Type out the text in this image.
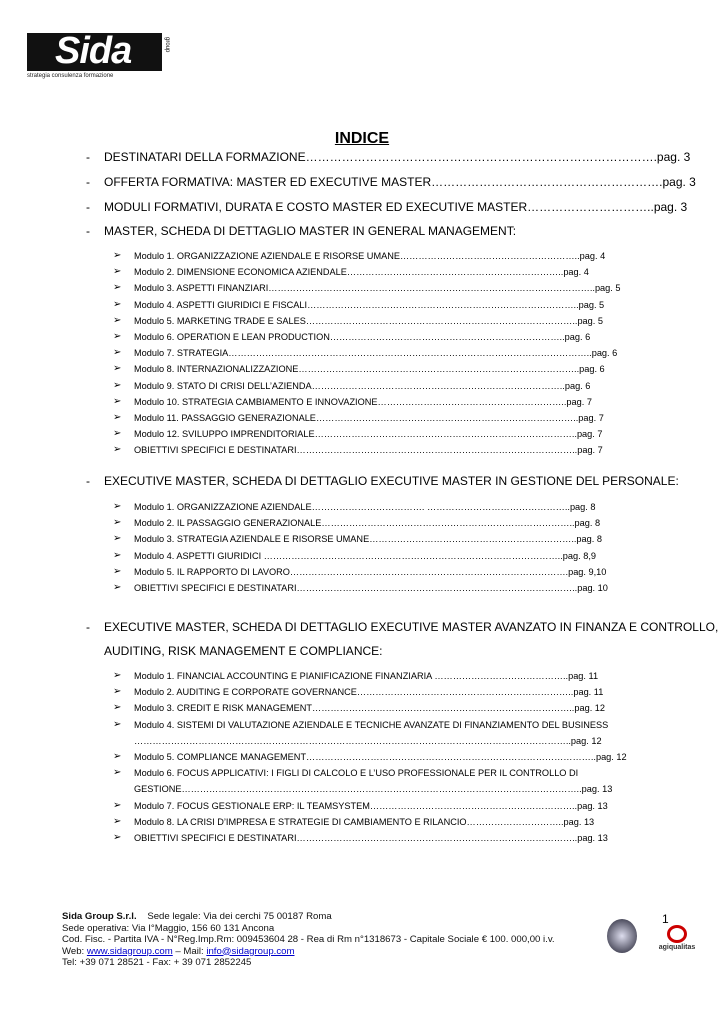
Sida	group
strategia consulenza formazione
INDICE
- DESTINATARI DELLA FORMAZIONE…………………………………………………………………………….pag. 3
- OFFERTA FORMATIVA: MASTER ED EXECUTIVE MASTER………………………………………………….pag. 3
- MODULI FORMATIVI, DURATA E COSTO MASTER ED EXECUTIVE MASTER…………………………..pag. 3
- MASTER, SCHEDA DI DETTAGLIO MASTER IN GENERAL MANAGEMENT:
➢ Modulo 1. ORGANIZZAZIONE AZIENDALE E RISORSE UMANE…………………………………………………..pag. 4
➢ Modulo 2. DIMENSIONE ECONOMICA AZIENDALE……………………………………………………………..pag. 4
➢ Modulo 3. ASPETTI FINANZIARI……………………………………………………………………………………………..pag. 5
➢ Modulo 4. ASPETTI GIURIDICI E FISCALI……………………………………………………………………………..pag. 5
➢ Modulo 5. MARKETING TRADE E SALES……………………………………………………………………………..pag. 5
➢ Modulo 6. OPERATION E LEAN PRODUCTION…………………………………………………………………..pag. 6
➢ Modulo 7. STRATEGIA………………………………………………………………………………………………………..pag. 6
➢ Modulo 8. INTERNAZIONALIZZAZIONE………………………………………………………………………………..pag. 6
➢ Modulo 9. STATO DI CRISI DELL’AZIENDA………………………………………………………………………..pag. 6
➢ Modulo 10. STRATEGIA CAMBIAMENTO E INNOVAZIONE……………………………………………………..pag. 7
➢ Modulo 11. PASSAGGIO GENERAZIONALE…………………………………………………………………………..pag. 7
➢ Modulo 12. SVILUPPO IMPRENDITORIALE…………………………………………………………………………..pag. 7
➢ OBIETTIVI SPECIFICI E DESTINATARI………………………………………………………………………………..pag. 7
- EXECUTIVE MASTER, SCHEDA DI DETTAGLIO EXECUTIVE MASTER IN GESTIONE DEL PERSONALE:
➢ Modulo 1. ORGANIZZAZIONE AZIENDALE………………………………. ………………………………………..pag. 8
➢ Modulo 2. IL PASSAGGIO GENERAZIONALE………………………………………………………………………..pag. 8
➢ Modulo 3. STRATEGIA AZIENDALE E RISORSE UMANE…………………………………………………………..pag. 8
➢ Modulo 4. ASPETTI GIURIDICI ……………………………………………………………………………………..pag. 8,9
➢ Modulo 5. IL RAPPORTO DI LAVORO……………………………………………………………………………….pag. 9,10
➢ OBIETTIVI SPECIFICI E DESTINATARI………………………………………………………………………………..pag. 10
- EXECUTIVE MASTER, SCHEDA DI DETTAGLIO EXECUTIVE MASTER AVANZATO IN FINANZA E CONTROLLO,
AUDITING, RISK MANAGEMENT E COMPLIANCE:
➢ Modulo 1. FINANCIAL ACCOUNTING E PIANIFICAZIONE FINANZIARIA ……………………………………..pag. 11
➢ Modulo 2. AUDITING E CORPORATE GOVERNANCE……………………………………………………………..pag. 11
➢ Modulo 3. CREDIT E RISK MANAGEMENT…………………………………………………………………………..pag. 12
➢ Modulo 4. SISTEMI DI VALUTAZIONE AZIENDALE E TECNICHE AVANZATE DI FINANZIAMENTO DEL BUSINESS
……………………………………………………………………………………………………………………………..pag. 12
➢ Modulo 5. COMPLIANCE MANAGEMENT…………………………………………………………………………………..pag. 12
➢ Modulo 6. FOCUS APPLICATIVI: I FIGLI DI CALCOLO E L’USO PROFESSIONALE PER IL CONTROLLO DI
GESTIONE…………………………………………………………………………………………………………………..pag. 13
➢ Modulo 7. FOCUS GESTIONALE ERP: IL TEAMSYSTEM…………………………………………………………..pag. 13
➢ Modulo 8. LA CRISI D’IMPRESA E STRATEGIE DI CAMBIAMENTO E RILANCIO…………………………..pag. 13
➢ OBIETTIVI SPECIFICI E DESTINATARI………………………………………………………………………………..pag. 13
Sida Group S.r.l. Sede legale: Via dei cerchi 75 00187 Roma
Sede operativa: Via I°Maggio, 156 60 131 Ancona
Cod. Fisc. - Partita IVA - N°Reg.Imp.Rm: 009453604 28 - Rea di Rm n°1318673 - Capitale Sociale € 100. 000,00 i.v.
Web: www.sidagroup.com – Mail: info@sidagroup.com
Tel: +39 071 28521 - Fax: + 39 071 2852245
1
agiqualitas
